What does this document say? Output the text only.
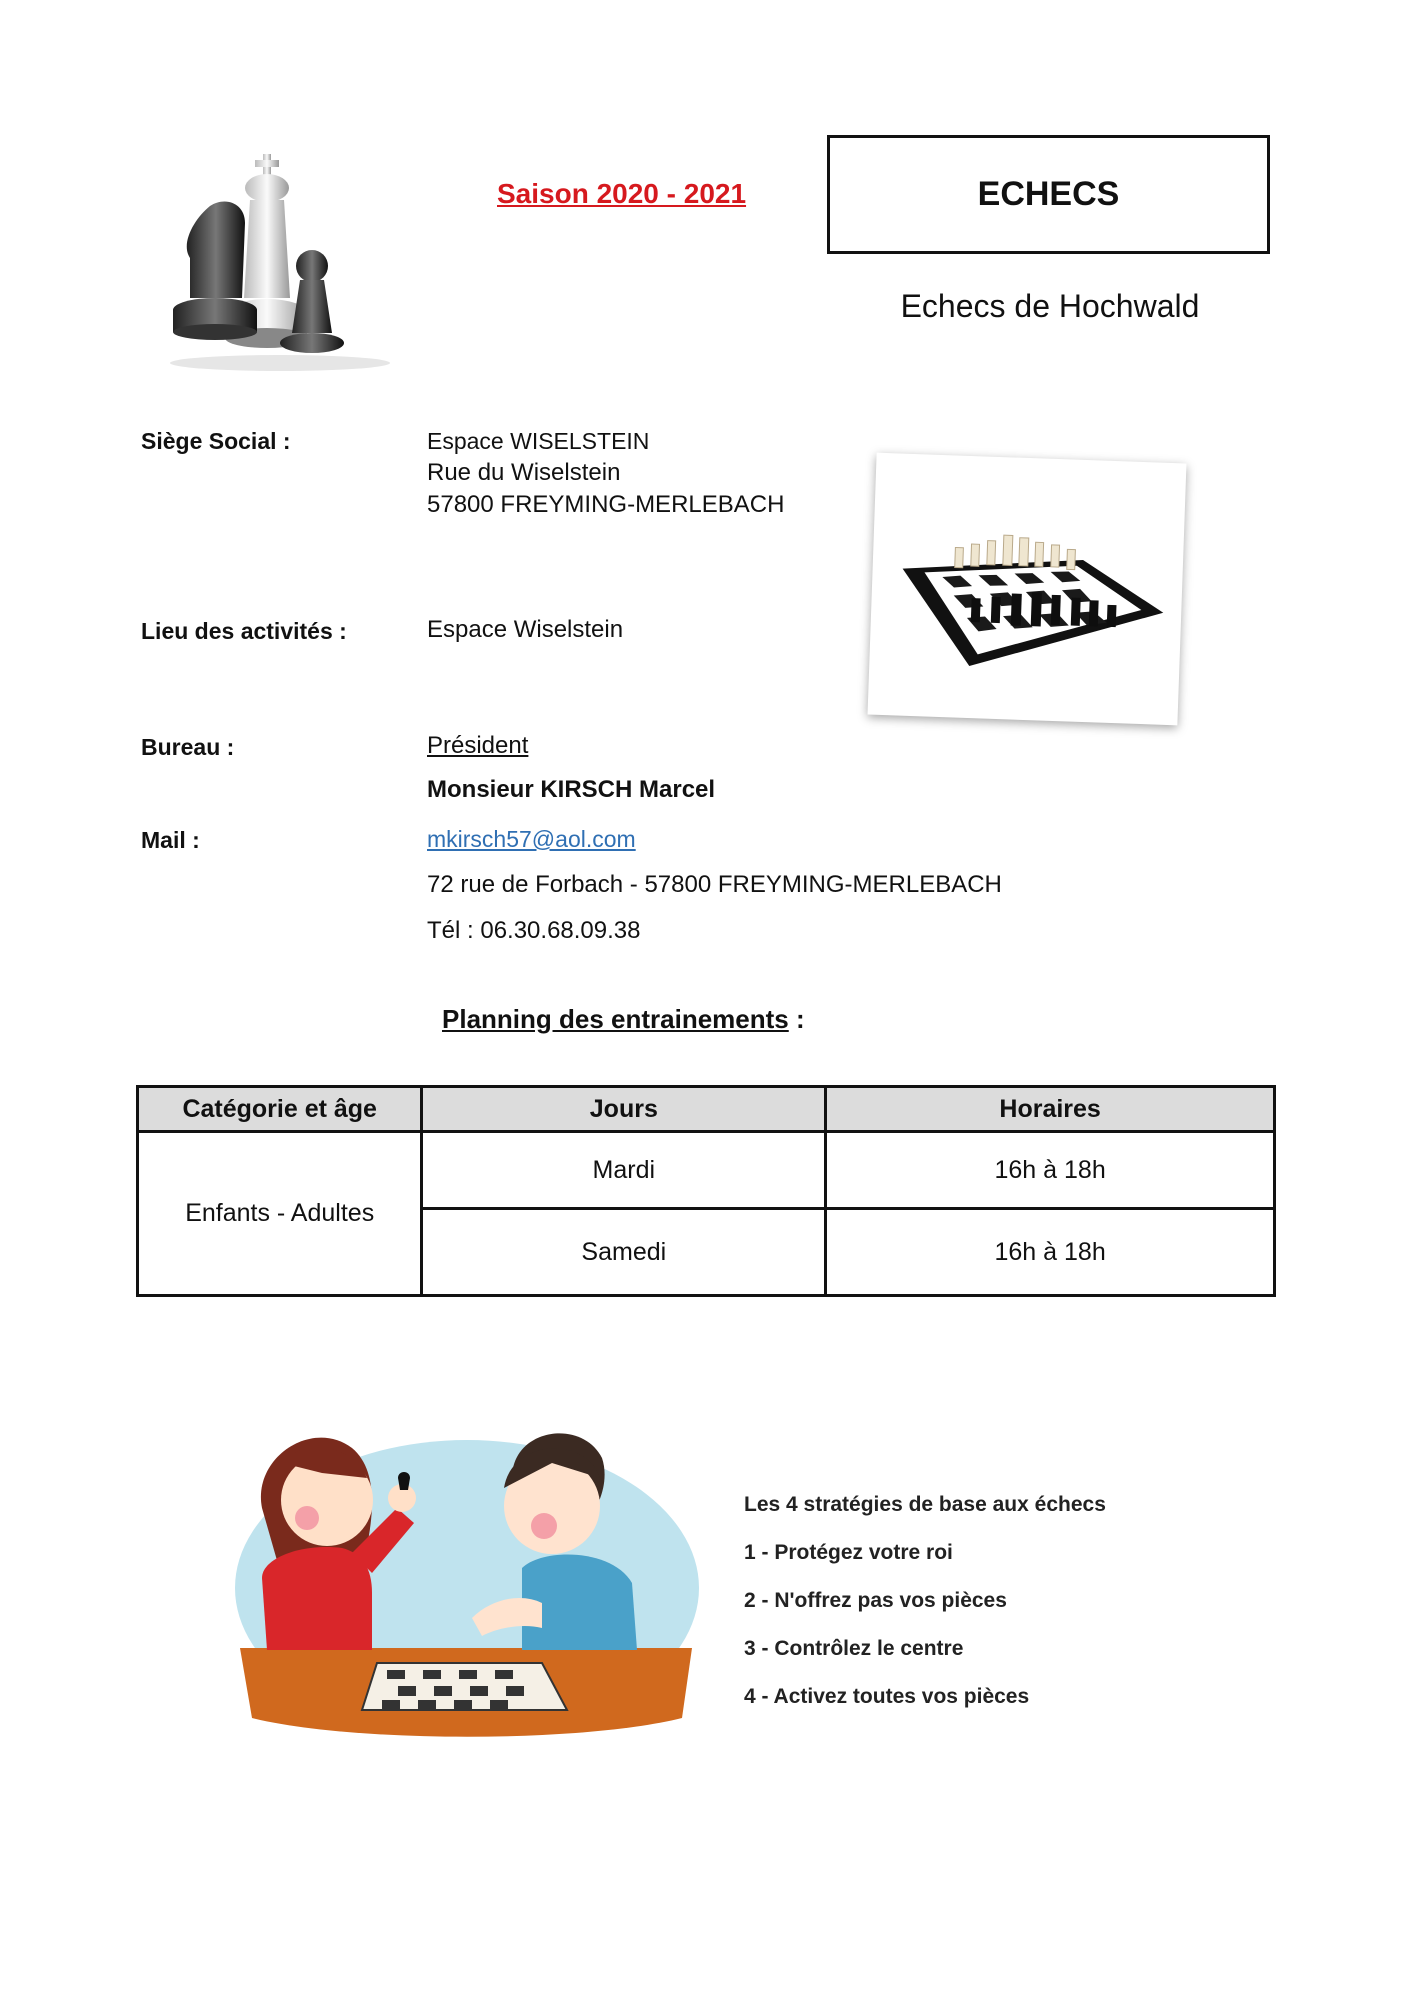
Saison 2020 - 2021	ECHECS
Echecs de Hochwald
Siège Social :	Espace WISELSTEIN
Rue du Wiselstein
57800 FREYMING-MERLEBACH
Lieu des activités :	Espace Wiselstein
Bureau :	Président
Monsieur KIRSCH Marcel
Mail :	mkirsch57@aol.com
72 rue de Forbach - 57800 FREYMING-MERLEBACH
Tél : 06.30.68.09.38
Planning des entrainements :
Catégorie et âge	Jours	Horaires
Enfants - Adultes	Mardi	16h à 18h
	Samedi	16h à 18h
Les 4 stratégies de base aux échecs
1 - Protégez votre roi
2 - N'offrez pas vos pièces
3 - Contrôlez le centre
4 - Activez toutes vos pièces
